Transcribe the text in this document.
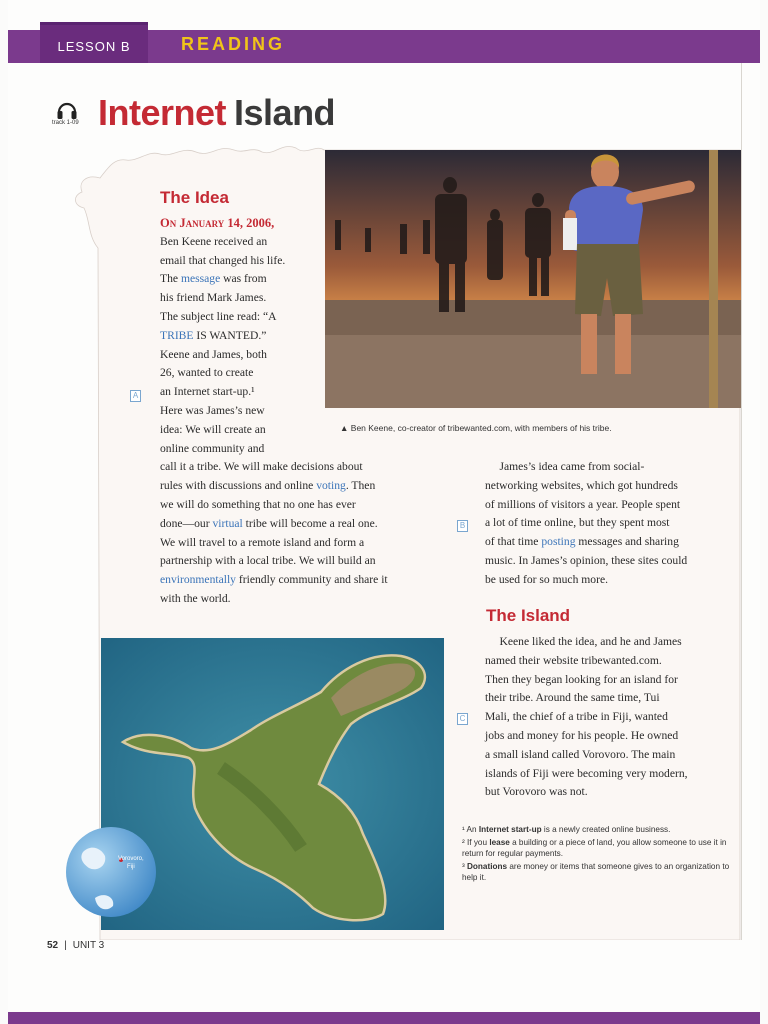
LESSON B	READING
track 1-09 Internet Island
▲ Ben Keene, co-creator of tribewanted.com, with members of his tribe.
The Idea
A
On January 14, 2006,
Ben Keene received an
email that changed his life.
The message was from
his friend Mark James.
The subject line read: “A
TRIBE IS WANTED.”
Keene and James, both
26, wanted to create
an Internet start-up.¹
Here was James’s new
idea: We will create an
online community and
call it a tribe. We will make decisions about
rules with discussions and online voting. Then
we will do something that no one has ever
done—our virtual tribe will become a real one.
We will travel to a remote island and form a
partnership with a local tribe. We will build an
environmentally friendly community and share it
with the world.
B
James’s idea came from social-
networking websites, which got hundreds
of millions of visitors a year. People spent
a lot of time online, but they spent most
of that time posting messages and sharing
music. In James’s opinion, these sites could
be used for so much more.
The Island
C
Keene liked the idea, and he and James
named their website tribewanted.com.
Then they began looking for an island for
their tribe. Around the same time, Tui
Mali, the chief of a tribe in Fiji, wanted
jobs and money for his people. He owned
a small island called Vorovoro. The main
islands of Fiji were becoming very modern,
but Vorovoro was not.
Vorovoro,
Fiji

¹ An Internet start-up is a newly created online business.

² If you lease a building or a piece of land, you allow someone to use it in return for regular payments.

³ Donations are money or items that someone gives to an organization to help it.

52 | UNIT 3
